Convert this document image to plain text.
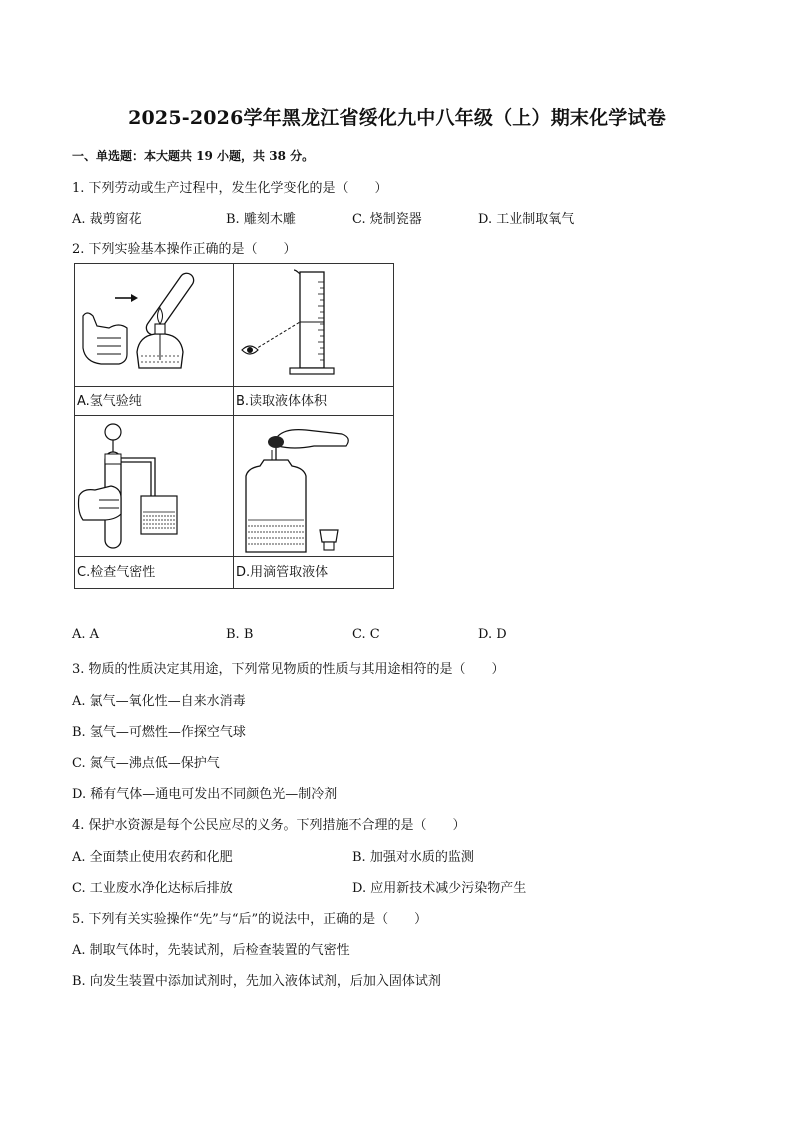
2025-2026学年黑龙江省绥化九中八年级（上）期末化学试卷
一、单选题：本大题共 19 小题，共 38 分。
1. 下列劳动或生产过程中，发生化学变化的是（　　）
A. 裁剪窗花	B. 雕刻木雕	C. 烧制瓷器	D. 工业制取氧气
2. 下列实验基本操作正确的是（　　）
A.氢气验纯	B.读取液体体积
C.检查气密性	D.用滴管取液体
A. A	B. B	C. C	D. D
3. 物质的性质决定其用途，下列常见物质的性质与其用途相符的是（　　）
A. 氯气—氧化性—自来水消毒
B. 氢气—可燃性—作探空气球
C. 氮气—沸点低—保护气
D. 稀有气体—通电可发出不同颜色光—制冷剂
4. 保护水资源是每个公民应尽的义务。下列措施不合理的是（　　）
A. 全面禁止使用农药和化肥	B. 加强对水质的监测
C. 工业废水净化达标后排放	D. 应用新技术减少污染物产生
5. 下列有关实验操作“先”与“后”的说法中，正确的是（　　）
A. 制取气体时，先装试剂，后检查装置的气密性
B. 向发生装置中添加试剂时，先加入液体试剂，后加入固体试剂
